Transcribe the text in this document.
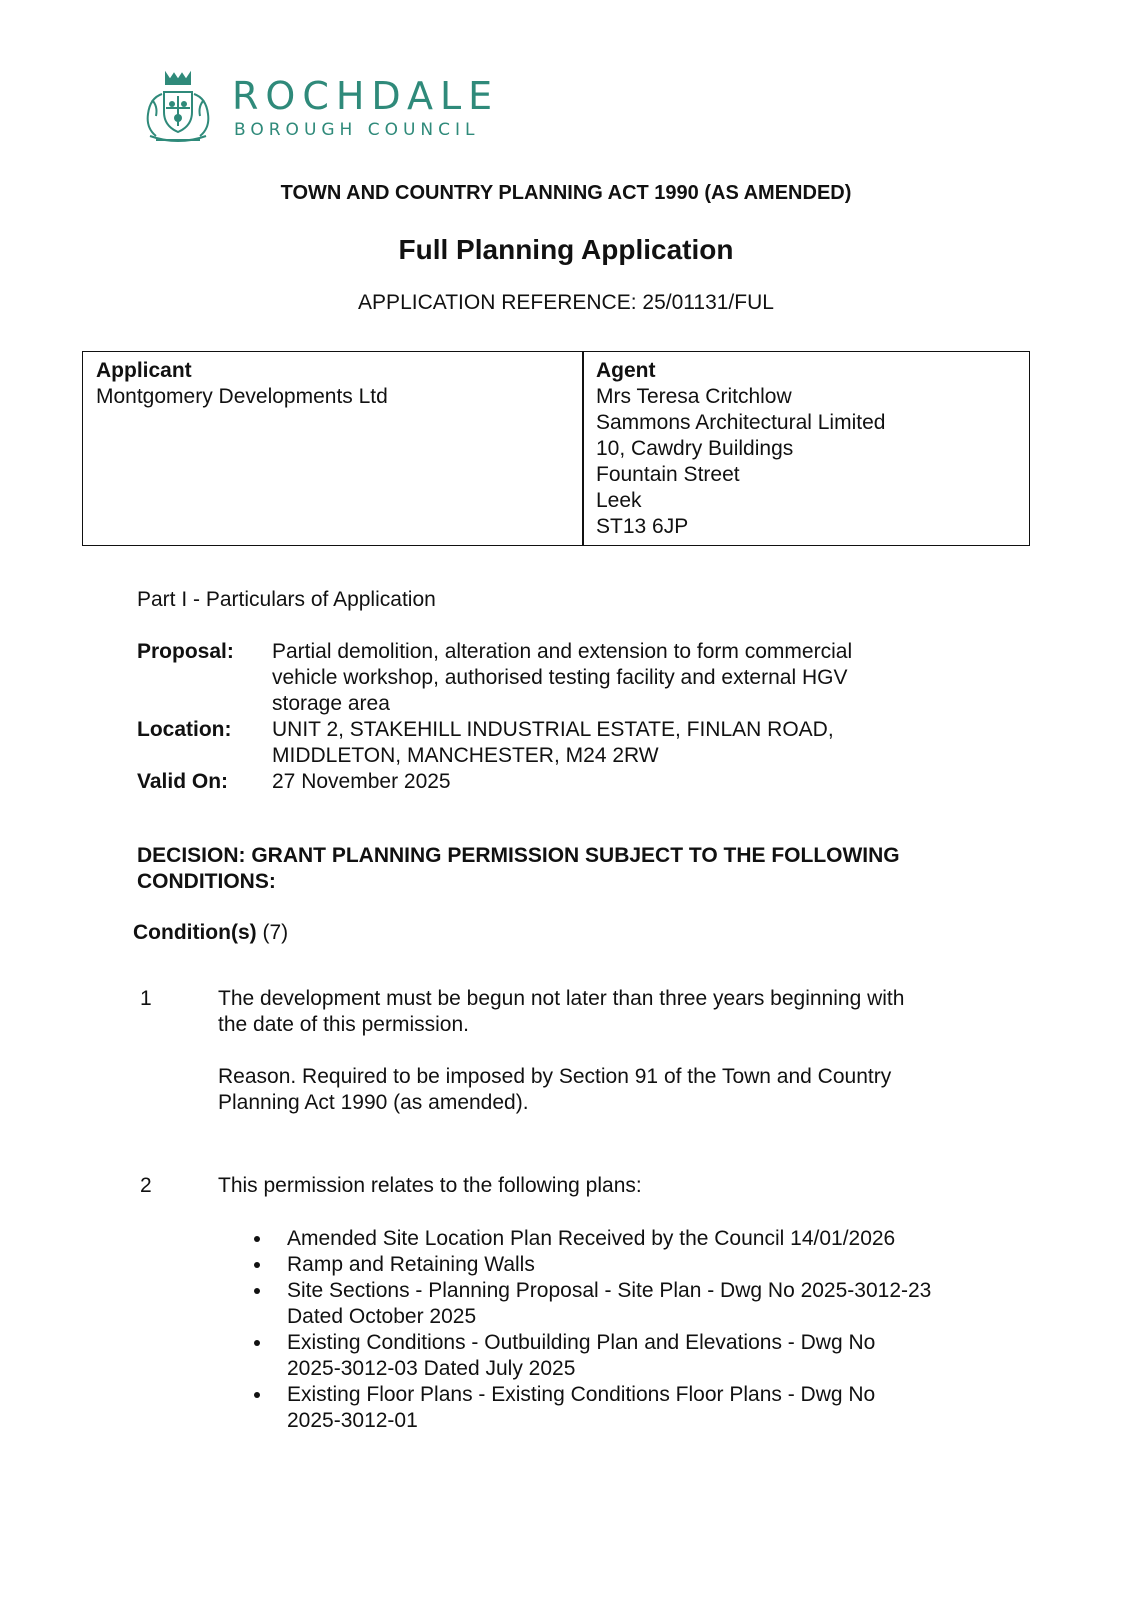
ROCHDALE
BOROUGH COUNCIL
TOWN AND COUNTRY PLANNING ACT 1990 (AS AMENDED)
Full Planning Application
APPLICATION REFERENCE: 25/01131/FUL
Applicant
Montgomery Developments Ltd
Agent
Mrs Teresa Critchlow
Sammons Architectural Limited
10, Cawdry Buildings
Fountain Street
Leek
ST13 6JP
Part I - Particulars of Application
Proposal: Partial demolition, alteration and extension to form commercial
vehicle workshop, authorised testing facility and external HGV
storage area
Location: UNIT 2, STAKEHILL INDUSTRIAL ESTATE, FINLAN ROAD,
MIDDLETON, MANCHESTER, M24 2RW
Valid On: 27 November 2025
DECISION: GRANT PLANNING PERMISSION SUBJECT TO THE FOLLOWING
CONDITIONS:
Condition(s) (7)
1	The development must be begun not later than three years beginning with
the date of this permission.
Reason. Required to be imposed by Section 91 of the Town and Country
Planning Act 1990 (as amended).
2	This permission relates to the following plans:
Amended Site Location Plan Received by the Council 14/01/2026
Ramp and Retaining Walls
Site Sections - Planning Proposal - Site Plan - Dwg No 2025-3012-23
Dated October 2025
Existing Conditions - Outbuilding Plan and Elevations - Dwg No
2025-3012-03 Dated July 2025
Existing Floor Plans - Existing Conditions Floor Plans - Dwg No
2025-3012-01
